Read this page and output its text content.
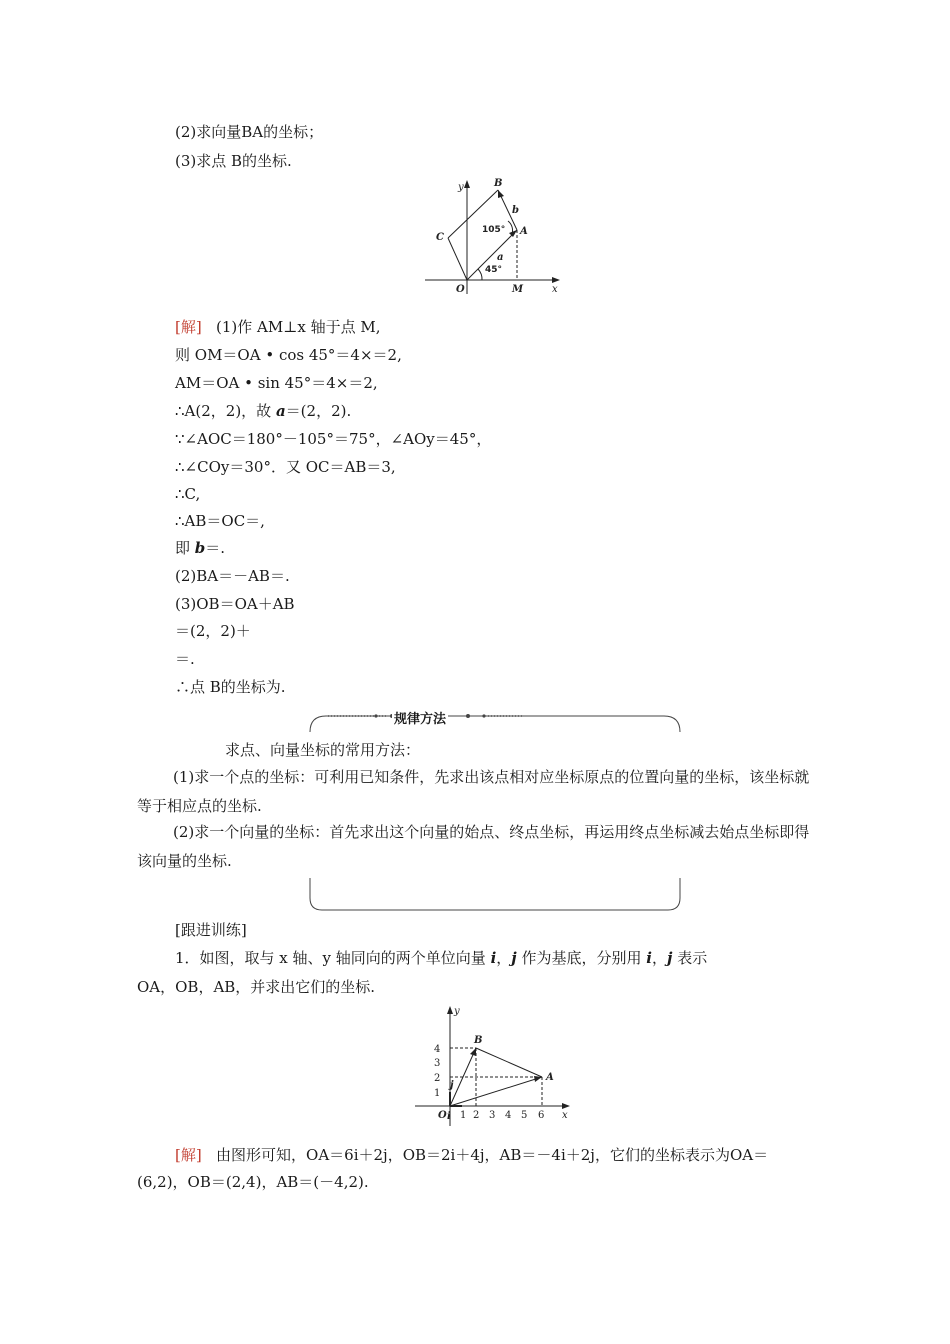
(2)求向量BA的坐标；
(3)求点 B的坐标.
y
x
B
b
C
A
a
O	M
105°
45°
[解] (1)作 AM⊥x 轴于点 M,
则 OM＝OA • cos 45°＝4×＝2,
AM＝OA • sin 45°＝4×＝2,
∴A(2，2)，故 a＝(2，2).
∵∠AOC＝180°－105°＝75°，∠AOy＝45°，
∴∠COy＝30°．又 OC＝AB＝3,
∴C,
∴AB＝OC＝,
即 b＝.
(2)BA＝－AB＝.
(3)OB＝OA＋AB
＝(2，2)＋
＝.
∴点 B的坐标为.
规律方法
求点、向量坐标的常用方法：
(1)求一个点的坐标：可利用已知条件，先求出该点相对应坐标原点的位置向量的坐标，该坐标就等于相应点的坐标.
(2)求一个向量的坐标：首先求出这个向量的始点、终点坐标，再运用终点坐标减去始点坐标即得该向量的坐标.
[跟进训练]
1．如图，取与 x 轴、y 轴同向的两个单位向量 i，j 作为基底，分别用 i，j 表示
OA，OB，AB，并求出它们的坐标.
y
x
O i
j
A
B
1
2
3
4
1 2 3 4 5 6
[解] 由图形可知，OA＝6i＋2j，OB＝2i＋4j，AB＝－4i＋2j，它们的坐标表示为OA＝
(6,2)，OB＝(2,4)，AB＝(－4,2).
